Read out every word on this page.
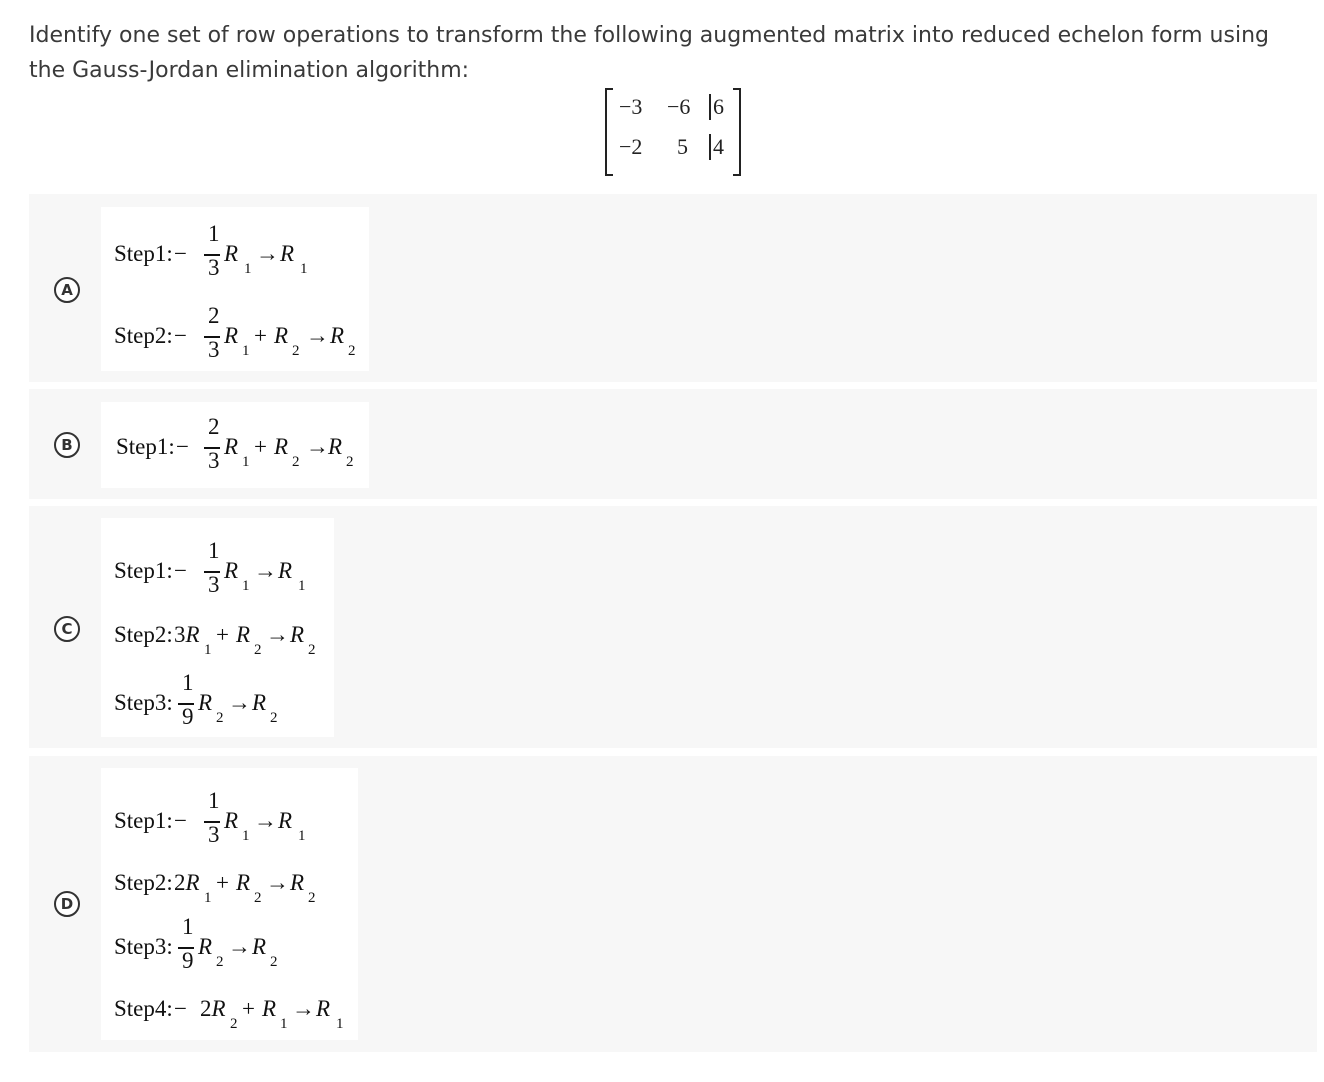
Identify one set of row operations to transform the following augmented matrix into reduced echelon form using the Gauss-Jordan elimination algorithm:
−3 −6 6
−2 5 4
A
Step1: −
1
3
R
1
→ R
1
Step2: −
2
3
R
1
+ R
2
→ R
2
B	Step1: −
2
3
R
1
+ R
2
→ R
2
C
Step1: −
1
3
R
1
→ R
1
Step2: 3R
1
+ R
2
→ R
2
Step3:
1
9
R
2
→ R
2
D
Step1: −
1
3
R
1
→ R
1
Step2: 2R
1
+ R
2
→ R
2
Step3:
1
9
R
2
→ R
2
Step4: − 2R
2
+ R
1
→ R
1
